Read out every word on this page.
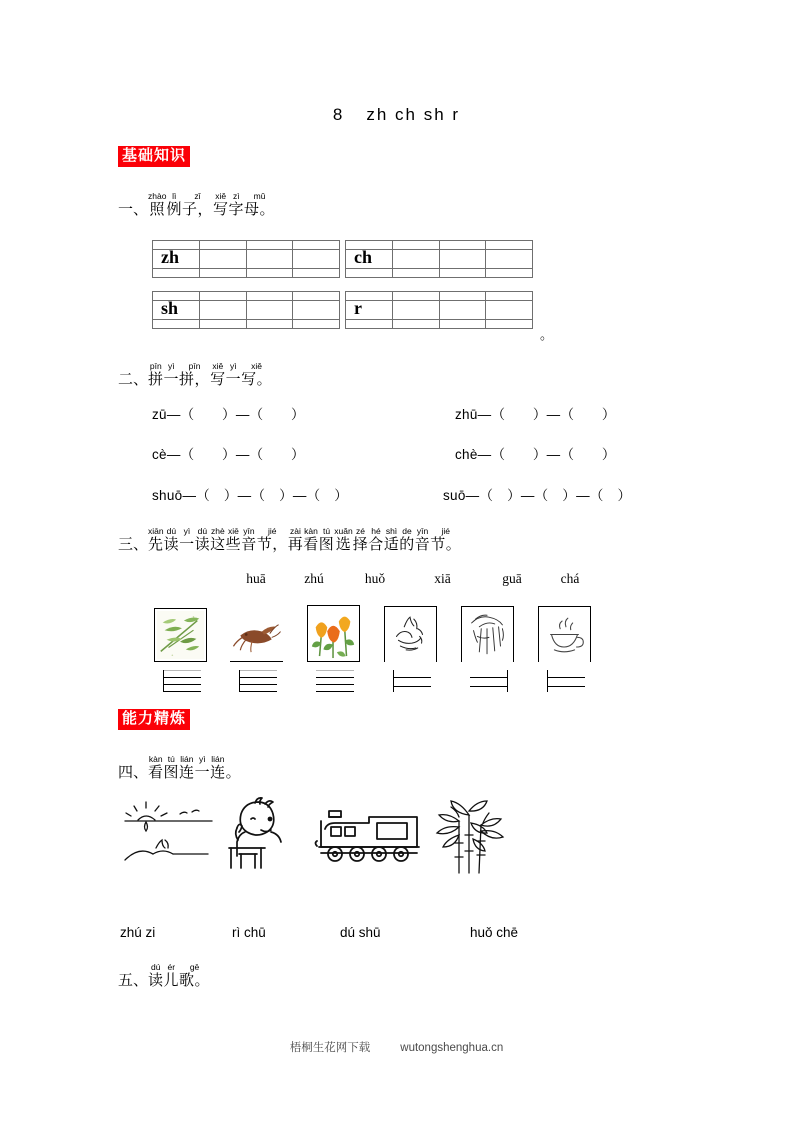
8 zh ch sh r
基础知识
一、
zhào
照
lì
例
zǐ
子，
xiě
写
zì
字
mǔ
母。
zh	ch
sh	r
。
二、
pīn
拼
yì
一
pīn
拼，
xiě
写
yì
一
xiě
写。
zū—（　　）—（　　）	zhū—（　　）—（　　）
cè—（　　）—（　　）	chè—（　　）—（　　）
shuō—（　）—（　）—（　）	suō—（　）—（　）—（　）
三、
xiān
先
dú
读
yì
一
dú
读
zhè
这
xiē
些
yīn
音
jié
节，
zài
再
kàn
看
tú
图
xuǎn
选
zé
择
hé
合
shì
适
de
的
yīn
音
jié
节。
huā	zhú	huǒ	xiā	guā	chá
能力精炼
四、
kàn
看
tú
图
lián
连
yì
一
lián
连 。
zhú zi	rì chū	dú shū	huǒ chē
五、
dú
读
ér
儿
gē
歌。
梧桐生花网下载	wutongshenghua.cn
